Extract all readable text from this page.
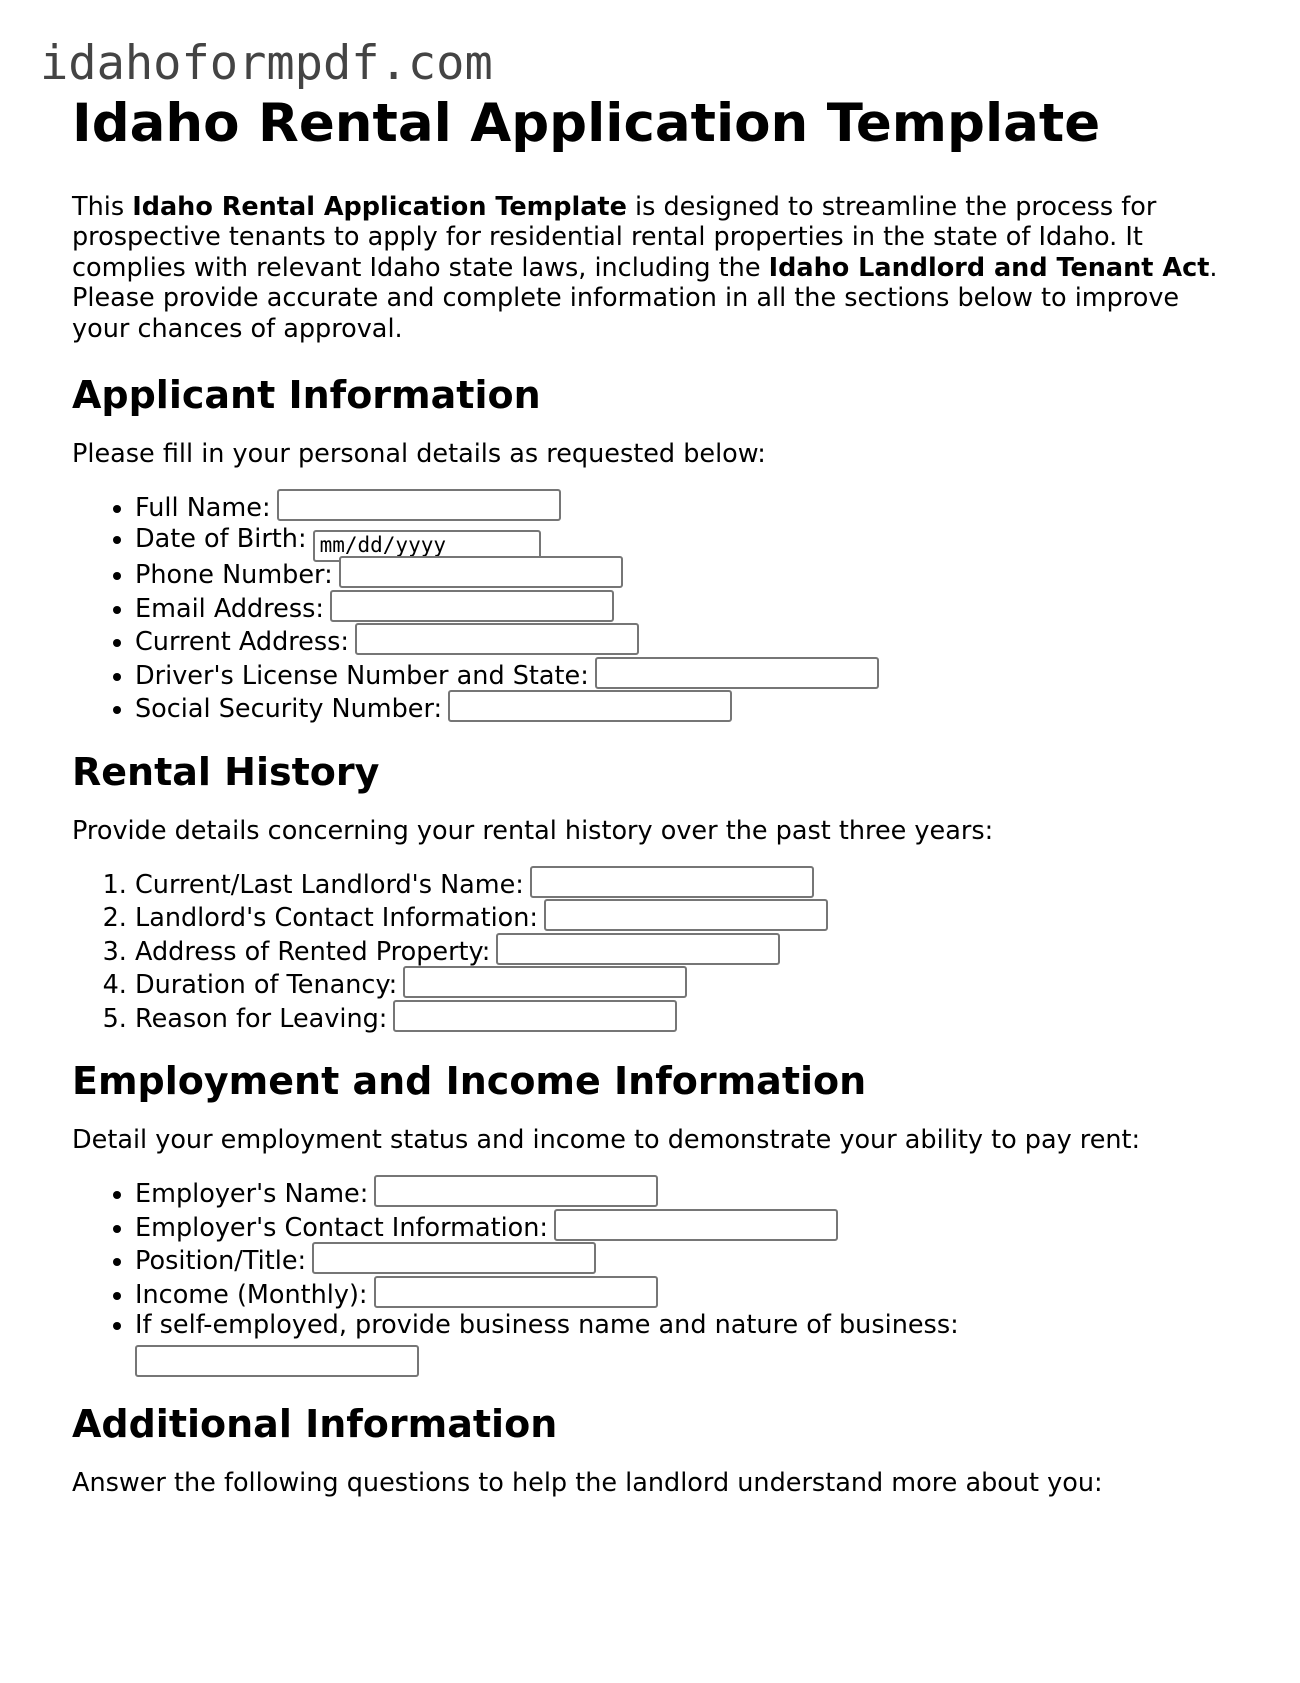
idahoformpdf.com
Idaho Rental Application Template

This Idaho Rental Application Template is designed to streamline the process for prospective tenants to apply for residential rental properties in the state of Idaho. It complies with relevant Idaho state laws, including the Idaho Landlord and Tenant Act. Please provide accurate and complete information in all the sections below to improve your chances of approval.

Applicant Information

Please fill in your personal details as requested below:

• Full Name:
• Date of Birth: mm/dd/yyyy
• Phone Number:
• Email Address:
• Current Address:
• Driver's License Number and State:
• Social Security Number:
Rental History

Provide details concerning your rental history over the past three years:

1. Current/Last Landlord's Name:
2. Landlord's Contact Information:
3. Address of Rented Property:
4. Duration of Tenancy:
5. Reason for Leaving:
Employment and Income Information

Detail your employment status and income to demonstrate your ability to pay rent:

• Employer's Name:
• Employer's Contact Information:
• Position/Title:
• Income (Monthly):
• If self-employed, provide business name and nature of business:
Additional Information

Answer the following questions to help the landlord understand more about you:
